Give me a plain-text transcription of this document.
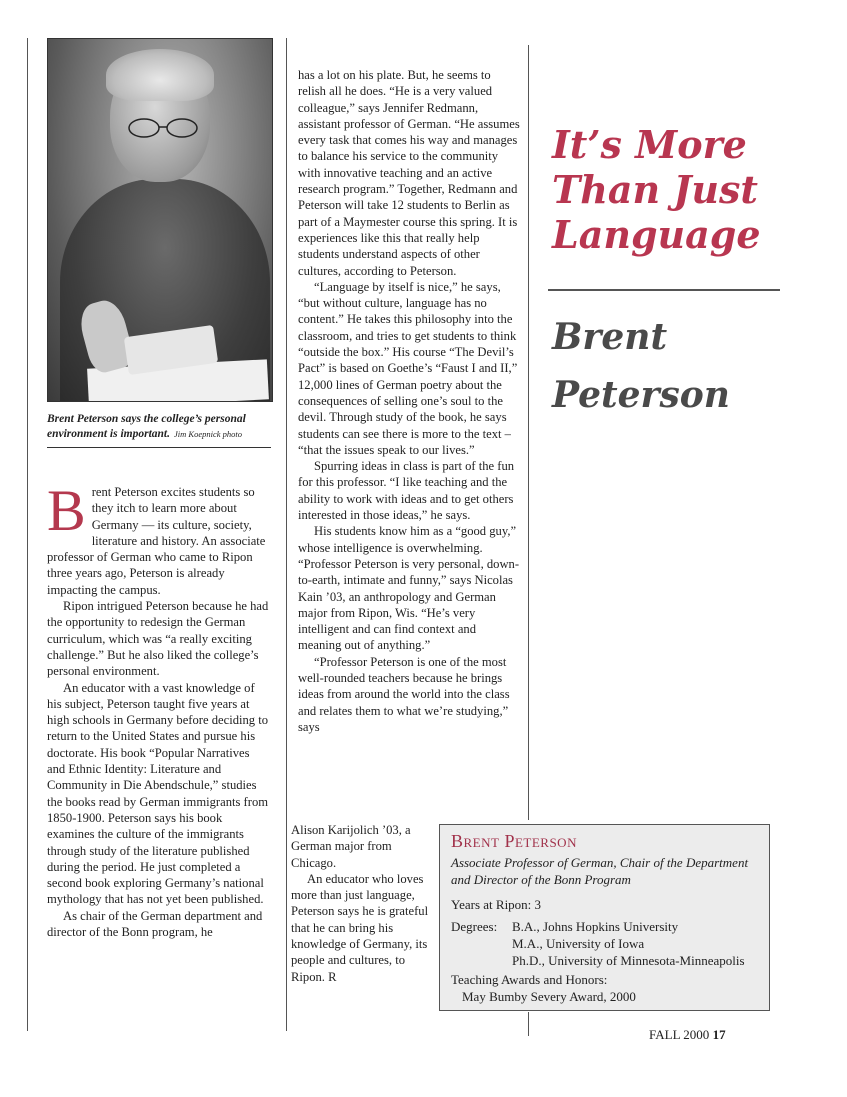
Brent Peterson says the college’s personal environment is important. Jim Koepnick photo

Brent Peterson excites students so they itch to learn more about Germany — its culture, society, literature and history. An associate professor of German who came to Ripon three years ago, Peterson is already impacting the campus.

Ripon intrigued Peterson because he had the opportunity to redesign the German curriculum, which was “a really exciting challenge.” But he also liked the college’s personal environment.

An educator with a vast knowledge of his subject, Peterson taught five years at high schools in Germany before deciding to return to the United States and pursue his doctorate. His book “Popular Narratives and Ethnic Identity: Literature and Community in Die Abendschule,” studies the books read by German immigrants from 1850-1900. Peterson says his book examines the culture of the immigrants through study of the literature published during the period. He just completed a second book exploring Germany’s national mythology that has not yet been published.

As chair of the German department and director of the Bonn program, he

has a lot on his plate. But, he seems to relish all he does. “He is a very valued colleague,” says Jennifer Redmann, assistant professor of German. “He assumes every task that comes his way and manages to balance his service to the community with innovative teaching and an active research program.” Together, Redmann and Peterson will take 12 students to Berlin as part of a Maymester course this spring. It is experiences like this that really help students understand aspects of other cultures, according to Peterson.

“Language by itself is nice,” he says, “but without culture, language has no content.” He takes this philosophy into the classroom, and tries to get students to think “outside the box.” His course “The Devil’s Pact” is based on Goethe’s “Faust I and II,” 12,000 lines of German poetry about the consequences of selling one’s soul to the devil. Through study of the book, he says students can see there is more to the text – “that the issues speak to our lives.”

Spurring ideas in class is part of the fun for this professor. “I like teaching and the ability to work with ideas and to get others interested in those ideas,” he says.

His students know him as a “good guy,” whose intelligence is overwhelming. “Professor Peterson is very personal, down-to-earth, intimate and funny,” says Nicolas Kain ’03, an anthropology and German major from Ripon, Wis. “He’s very intelligent and can find context and meaning out of anything.”

“Professor Peterson is one of the most well-rounded teachers because he brings ideas from around the world into the class and relates them to what we’re studying,” says

Alison Karijolich ’03, a German major from Chicago.

An educator who loves more than just language, Peterson says he is grateful that he can bring his knowledge of Germany, its people and cultures, to Ripon. R

It’s More
Than Just
Language
Brent
Peterson
Brent Peterson
Associate Professor of German, Chair of the Department and Director of the Bonn Program
Years at Ripon: 3
Degrees: B.A., Johns Hopkins University
M.A., University of Iowa
Ph.D., University of Minnesota-Minneapolis
Teaching Awards and Honors:
May Bumby Severy Award, 2000
FALL 2000 17
